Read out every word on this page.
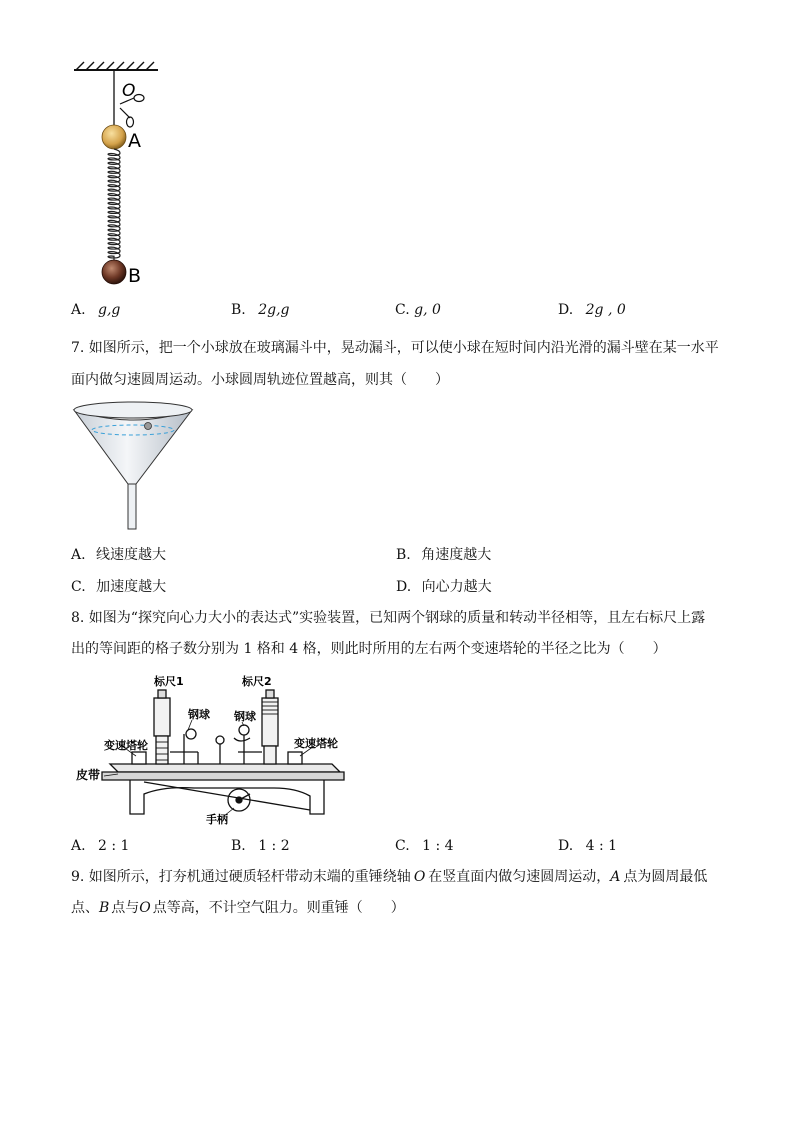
O
A
B
A. g,g	B. 2g,g	C. g, 0	D. 2g , 0
7. 如图所示，把一个小球放在玻璃漏斗中，晃动漏斗，可以使小球在短时间内沿光滑的漏斗壁在某一水平
面内做匀速圆周运动。小球圆周轨迹位置越高，则其（　　）
A. 线速度越大	B. 角速度越大
C. 加速度越大	D. 向心力越大
8. 如图为“探究向心力大小的表达式”实验装置，已知两个钢球的质量和转动半径相等，且左右标尺上露
出的等间距的格子数分别为 1 格和 4 格，则此时所用的左右两个变速塔轮的半径之比为（　　）
标尺1	标尺2
钢球 钢球
变速塔轮	变速塔轮
皮带
手柄
A. 2 : 1	B. 1 : 2	C. 1 : 4	D. 4 : 1
9. 如图所示，打夯机通过硬质轻杆带动末端的重锤绕轴 O 在竖直面内做匀速圆周运动，A 点为圆周最低
点、B 点与O 点等高，不计空气阻力。则重锤（　　）
